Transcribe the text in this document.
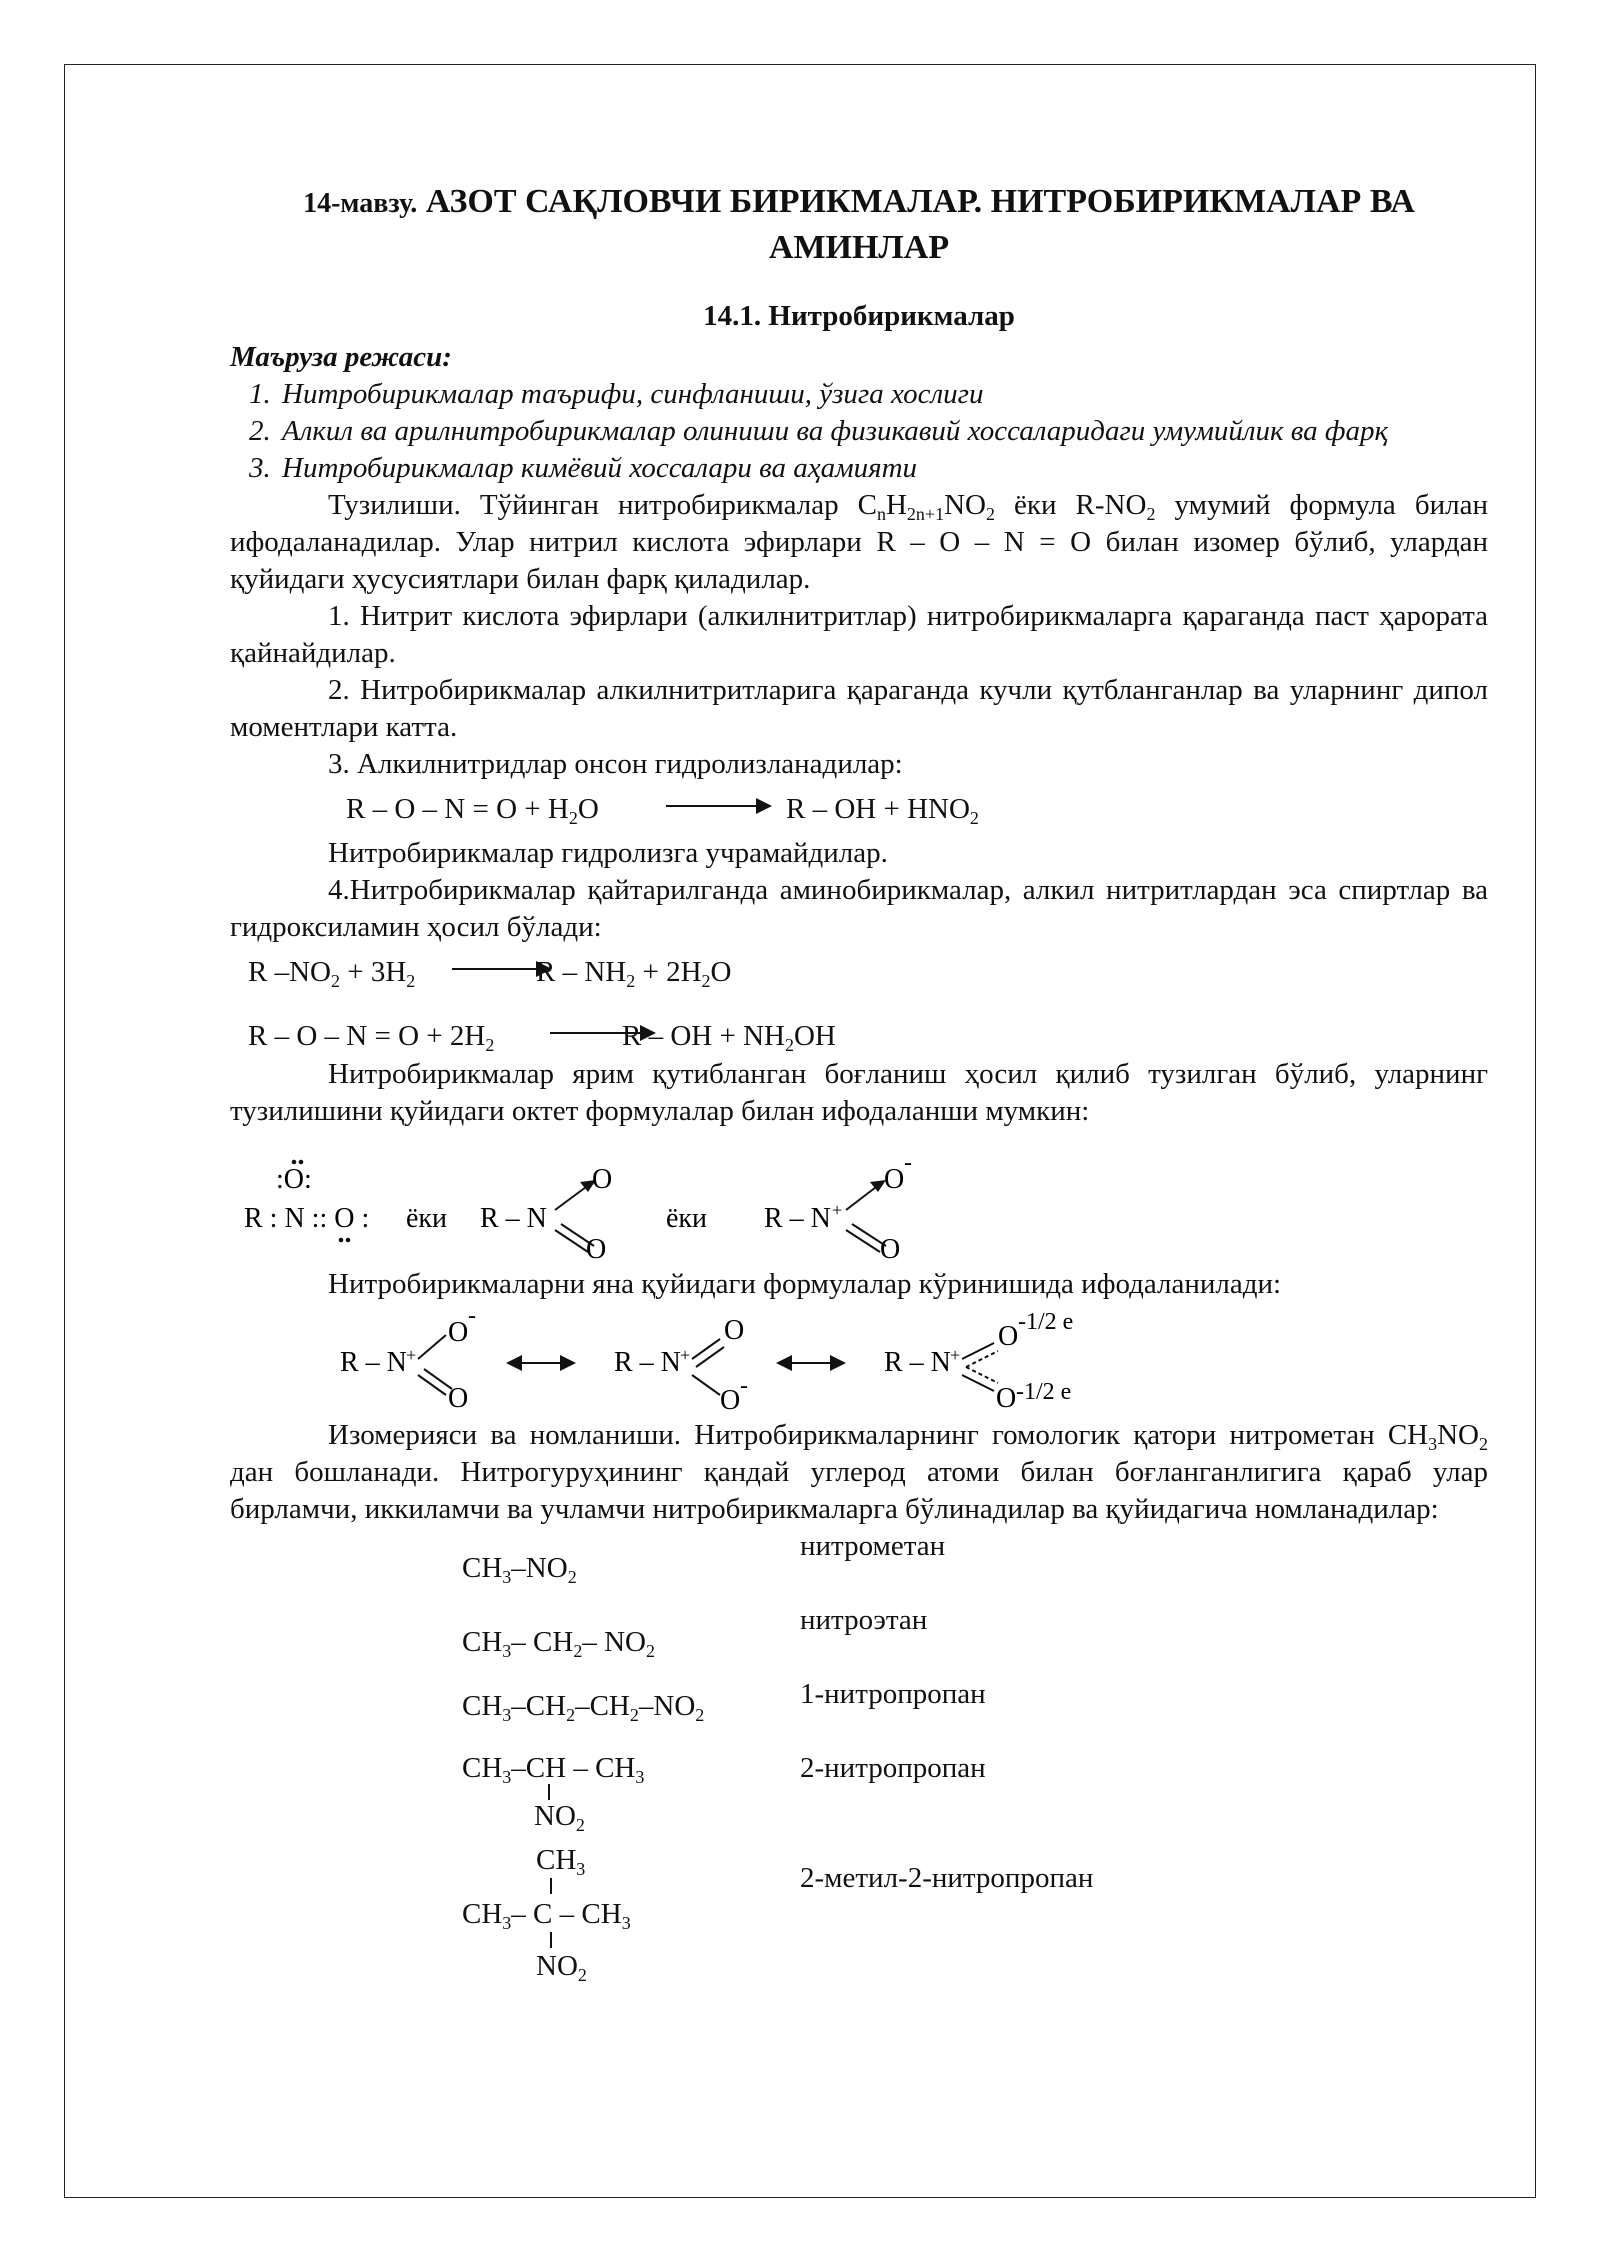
14-мавзу. АЗОТ САҚЛОВЧИ БИРИКМАЛАР. НИТРОБИРИКМАЛАР ВА
АМИНЛАР
14.1. Нитробирикмалар
Маъруза режаси:
1. Нитробирикмалар таърифи, синфланиши, ўзига хослиги
2. Алкил ва арилнитробирикмалар олиниши ва физикавий хоссаларидаги умумийлик ва фарқ
3. Нитробирикмалар кимёвий хоссалари ва аҳамияти

Тузилиши. Тўйинган нитробирикмалар $C_nH_{2n+1}NO_2$ ёки $R-NO_2$ умумий формула билан ифодаланадилар. Улар нитрил кислота эфирлари R – O – N = O билан изомер бўлиб, улардан қуйидаги ҳусусиятлари билан фарқ қиладилар.

1. Нитрит кислота эфирлари (алкилнитритлар) нитробирикмаларга қараганда паст ҳарората қайнайдилар.

2. Нитробирикмалар алкилнитритларига қараганда кучли қутбланганлар ва уларнинг дипол моментлари катта.

3. Алкилнитридлар онсон гидролизланадилар:

$R - O - N = O + H_2O \to R$ – OH + $HNO_2$

Нитробирикмалар гидролизга учрамайдилар.

4.Нитробирикмалар қайтарилганда аминобирикмалар, алкил нитритлардан эса спиртлар ва гидроксиламин ҳосил бўлади:

R $-NO_2 + 3H_2$	$R - NH_2 + 2H_2O$
$R - O - N = O + 2H_2$	R – OH + $NH_2OH$

Нитробирикмалар ярим қутибланган боғланиш ҳосил қилиб тузилган бўлиб, уларнинг тузилишини қуйидаги октет формулалар билан ифодаланши мумкин:

:O:
R : N :: O : ёки R – N
O
O
ёки R – N +
O
-
O

Нитробирикмаларни яна қуйидаги формулалар кўринишида ифодаланилади:

R – N +
O
-
O
R – N +
O
O -
R – N +
O -1/2 e
O -1/2 e

Изомерияси ва номланиши. Нитробирикмаларнинг гомологик қатори нитрометан $CH_3NO_2$ дан бошланади. Нитрогуруҳининг қандай углерод атоми билан боғланганлигига қараб улар бирламчи, иккиламчи ва учламчи нитробирикмаларга бўлинадилар ва қуйидагича номланадилар:

нитрометан
нитроэтан
1-нитропропан
2-нитропропан
2-метил-2-нитропропан
$CH_3-NO_2$
$CH_3-$ $CH_2-$ $NO_2$
$CH_3-CH_2-CH_2-NO_2$
$CH_3-CH - CH_3$
$NO_2$
$CH_3$
$CH_3-$ C – $CH_3$
$NO_2$
